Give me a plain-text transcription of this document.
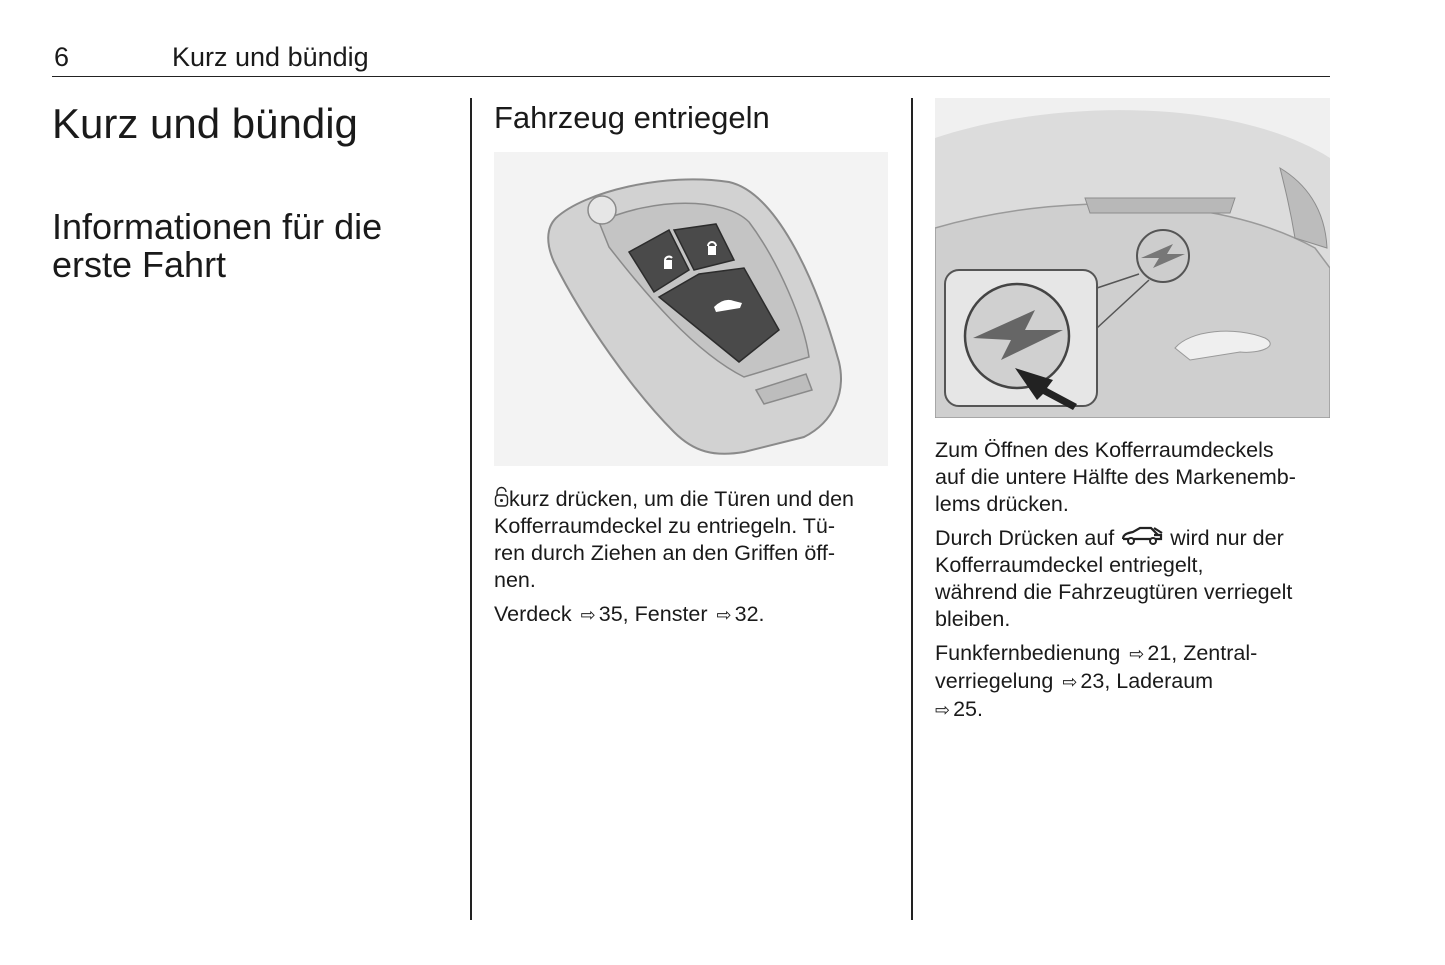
6	Kurz und bündig
Kurz und bündig
Informationen für die
erste Fahrt
Fahrzeug entriegeln

kurz drücken, um die Türen und den
Kofferraumdeckel zu entriegeln. Tü-
ren durch Ziehen an den Griffen öff-
nen.

Verdeck ⇨ 35, Fenster ⇨ 32.

Zum Öffnen des Kofferraumdeckels
auf die untere Hälfte des Markenemb-
lems drücken.

Durch Drücken auf	wird nur der
Kofferraumdeckel entriegelt,
während die Fahrzeugtüren verriegelt
bleiben.

Funkfernbedienung ⇨ 21, Zentral-
verriegelung ⇨ 23, Laderaum
⇨ 25.
